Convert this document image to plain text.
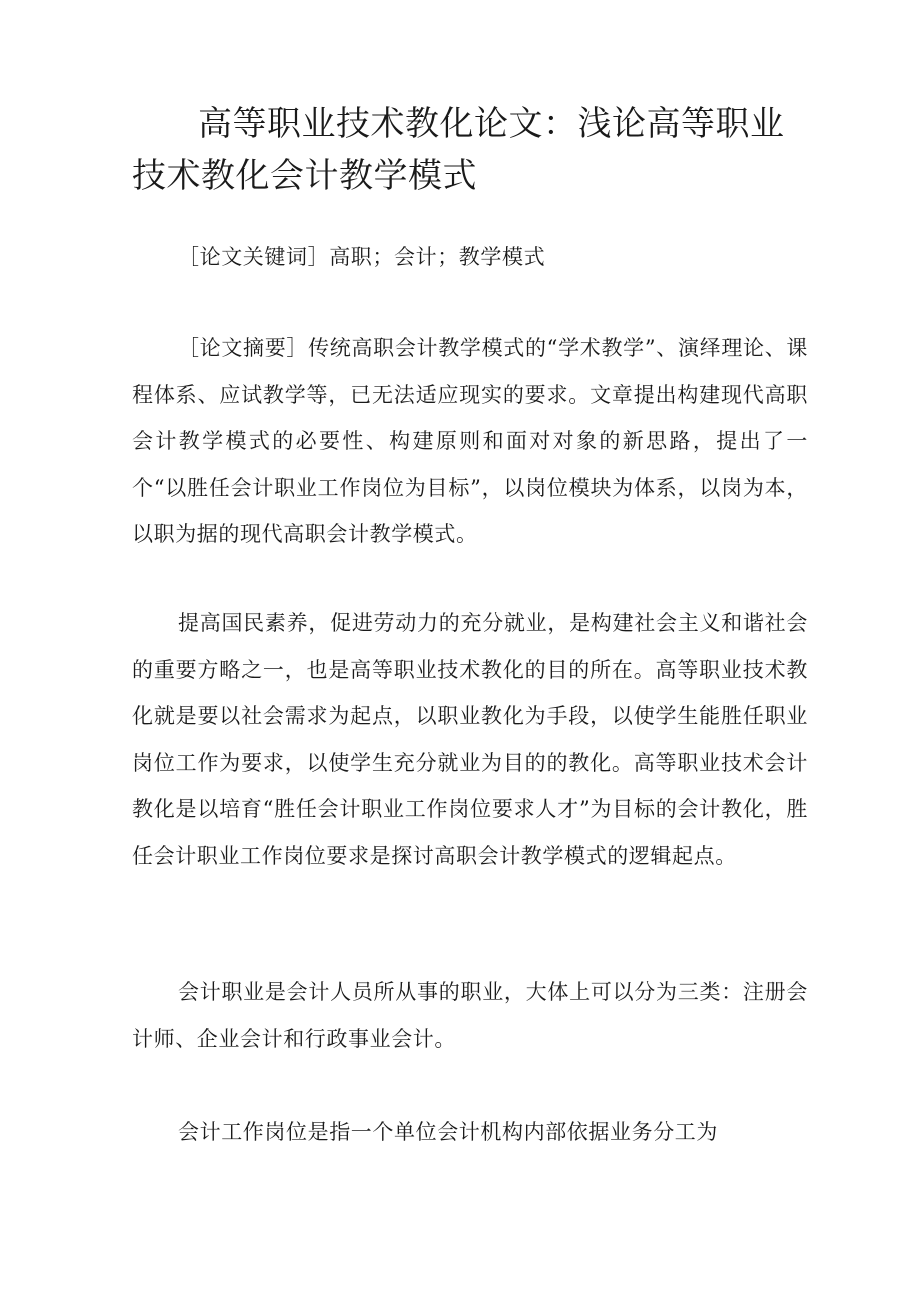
高等职业技术教化论文：浅论高等职业技术教化会计教学模式

［论文关键词］高职；会计；教学模式

［论文摘要］传统高职会计教学模式的“学术教学”、演绎理论、课程体系、应试教学等，已无法适应现实的要求。文章提出构建现代高职会计教学模式的必要性、构建原则和面对对象的新思路，提出了一个“以胜任会计职业工作岗位为目标”，以岗位模块为体系，以岗为本，以职为据的现代高职会计教学模式。

提高国民素养，促进劳动力的充分就业，是构建社会主义和谐社会的重要方略之一，也是高等职业技术教化的目的所在。高等职业技术教化就是要以社会需求为起点，以职业教化为手段，以使学生能胜任职业岗位工作为要求，以使学生充分就业为目的的教化。高等职业技术会计教化是以培育“胜任会计职业工作岗位要求人才”为目标的会计教化，胜任会计职业工作岗位要求是探讨高职会计教学模式的逻辑起点。

会计职业是会计人员所从事的职业，大体上可以分为三类：注册会计师、企业会计和行政事业会计。

会计工作岗位是指一个单位会计机构内部依据业务分工为
